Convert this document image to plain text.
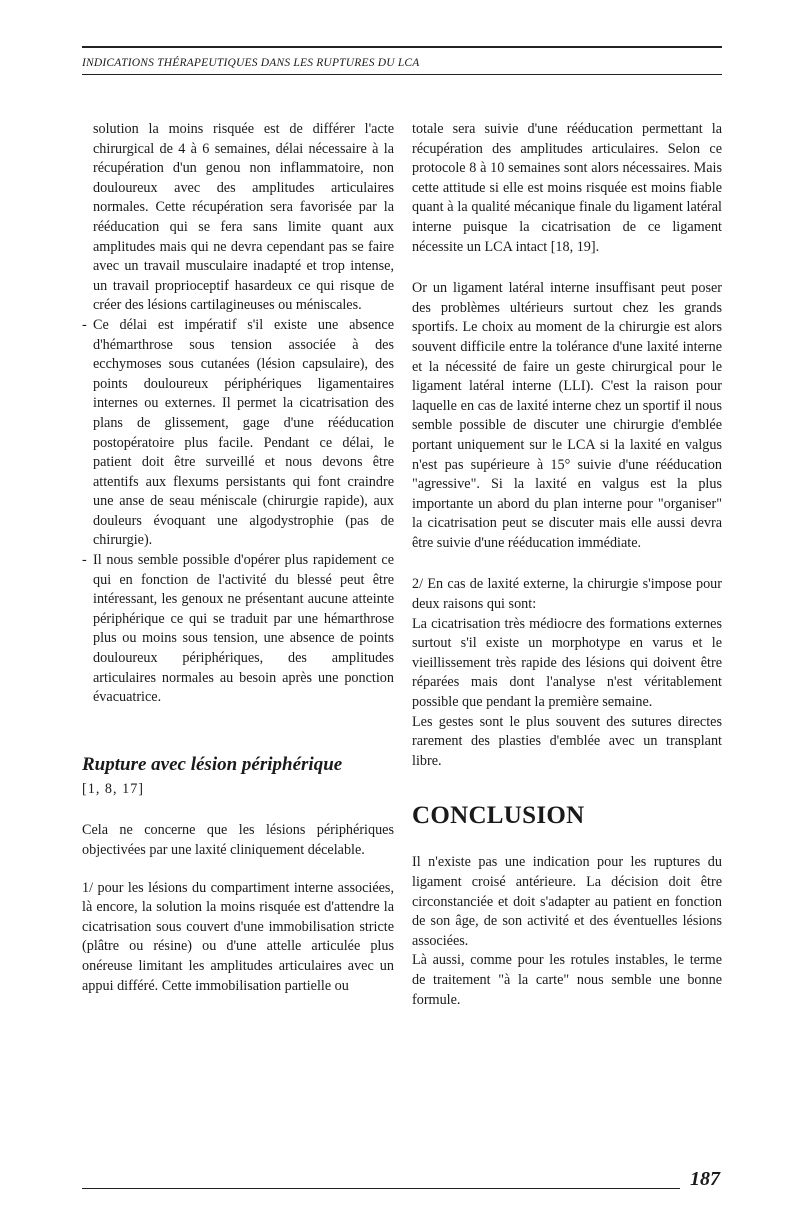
INDICATIONS THÉRAPEUTIQUES DANS LES RUPTURES DU LCA

solution la moins risquée est de différer l'acte chirurgical de 4 à 6 semaines, délai nécessaire à la récupération d'un genou non inflammatoire, non douloureux avec des amplitudes articulaires normales. Cette récupération sera favorisée par la rééducation qui se fera sans limite quant aux amplitudes mais qui ne devra cependant pas se faire avec un travail musculaire inadapté et trop intense, un travail proprioceptif hasardeux ce qui risque de créer des lésions cartilagineuses ou méniscales.

- Ce délai est impératif s'il existe une absence d'hémarthrose sous tension associée à des ecchymoses sous cutanées (lésion capsulaire), des points douloureux périphériques ligamentaires internes ou externes. Il permet la cicatrisation des plans de glissement, gage d'une rééducation postopératoire plus facile. Pendant ce délai, le patient doit être surveillé et nous devons être attentifs aux flexums persistants qui font craindre une anse de seau méniscale (chirurgie rapide), aux douleurs évoquant une algodystrophie (pas de chirurgie).

- Il nous semble possible d'opérer plus rapidement ce qui en fonction de l'activité du blessé peut être intéressant, les genoux ne présentant aucune atteinte périphérique ce qui se traduit par une hémarthrose plus ou moins sous tension, une absence de points douloureux périphériques, des amplitudes articulaires normales au besoin après une ponction évacuatrice.

Rupture avec lésion périphérique

[1, 8, 17]

Cela ne concerne que les lésions périphériques objectivées par une laxité cliniquement décelable.

1/ pour les lésions du compartiment interne associées, là encore, la solution la moins risquée est d'attendre la cicatrisation sous couvert d'une immobilisation stricte (plâtre ou résine) ou d'une attelle articulée plus onéreuse limitant les amplitudes articulaires avec un appui différé. Cette immobilisation partielle ou

totale sera suivie d'une rééducation permettant la récupération des amplitudes articulaires. Selon ce protocole 8 à 10 semaines sont alors nécessaires. Mais cette attitude si elle est moins risquée est moins fiable quant à la qualité mécanique finale du ligament latéral interne puisque la cicatrisation de ce ligament nécessite un LCA intact [18, 19].

Or un ligament latéral interne insuffisant peut poser des problèmes ultérieurs surtout chez les grands sportifs. Le choix au moment de la chirurgie est alors souvent difficile entre la tolérance d'une laxité interne et la nécessité de faire un geste chirurgical pour le ligament latéral interne (LLI). C'est la raison pour laquelle en cas de laxité interne chez un sportif il nous semble possible de discuter une chirurgie d'emblée portant uniquement sur le LCA si la laxité en valgus n'est pas supérieure à 15° suivie d'une rééducation "agressive". Si la laxité en valgus est la plus importante un abord du plan interne pour "organiser" la cicatrisation peut se discuter mais elle aussi devra être suivie d'une rééducation immédiate.

2/ En cas de laxité externe, la chirurgie s'impose pour deux raisons qui sont:

La cicatrisation très médiocre des formations externes surtout s'il existe un morphotype en varus et le vieillissement très rapide des lésions qui doivent être réparées mais dont l'analyse n'est véritablement possible que pendant la première semaine.

Les gestes sont le plus souvent des sutures directes rarement des plasties d'emblée avec un transplant libre.

CONCLUSION

Il n'existe pas une indication pour les ruptures du ligament croisé antérieure. La décision doit être circonstanciée et doit s'adapter au patient en fonction de son âge, de son activité et des éventuelles lésions associées.

Là aussi, comme pour les rotules instables, le terme de traitement "à la carte" nous semble une bonne formule.

187
